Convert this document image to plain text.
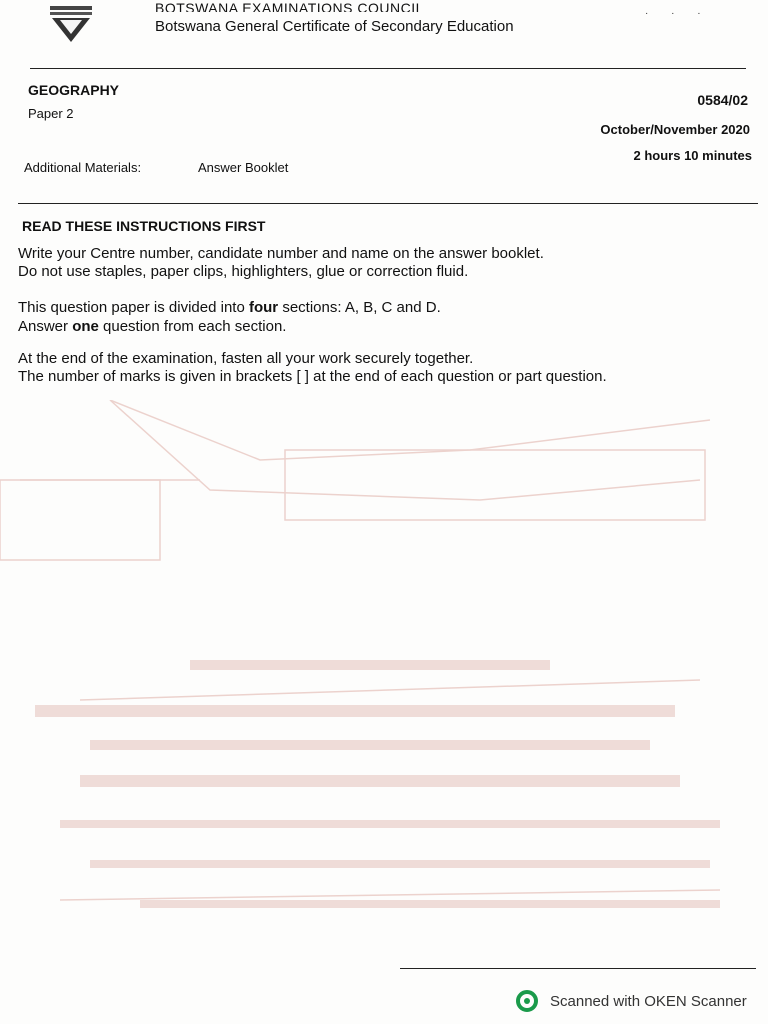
BOTSWANA EXAMINATIONS COUNCIL
Botswana General Certificate of Secondary Education
· · ·
GEOGRAPHY
Paper 2
0584/02
October/November 2020
2 hours 10 minutes
Additional Materials:	Answer Booklet
READ THESE INSTRUCTIONS FIRST
Write your Centre number, candidate number and name on the answer booklet.
Do not use staples, paper clips, highlighters, glue or correction fluid.
This question paper is divided into four sections: A, B, C and D.
Answer one question from each section.
At the end of the examination, fasten all your work securely together.
The number of marks is given in brackets [ ] at the end of each question or part question.
Scanned with OKEN Scanner
